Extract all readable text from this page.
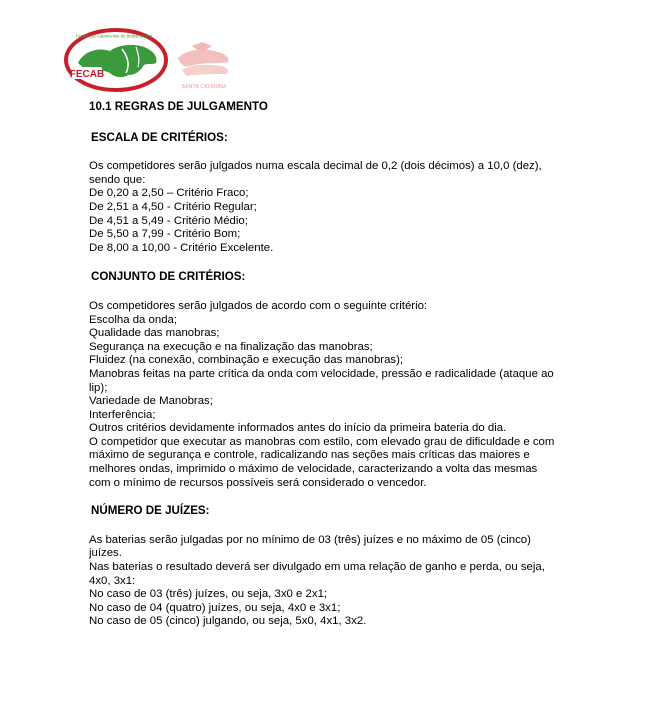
Federação Catarinense de Bodyboarding
FECAB
SANTA CATARINA
10.1 REGRAS DE JULGAMENTO
ESCALA DE CRITÉRIOS:
Os competidores serão julgados numa escala decimal de 0,2 (dois décimos) a 10,0 (dez),
sendo que:
De 0,20 a 2,50 – Critério Fraco;
De 2,51 a 4,50 - Critério Regular;
De 4,51 a 5,49 - Critério Médio;
De 5,50 a 7,99 - Critério Bom;
De 8,00 a 10,00 - Critério Excelente.
CONJUNTO DE CRITÉRIOS:
Os competidores serão julgados de acordo com o seguinte critério:
Escolha da onda;
Qualidade das manobras;
Segurança na execução e na finalização das manobras;
Fluidez (na conexão, combinação e execução das manobras);
Manobras feitas na parte crítica da onda com velocidade, pressão e radicalidade (ataque ao
lip);
Variedade de Manobras;
Interferência;
Outros critérios devidamente informados antes do início da primeira bateria do dia.
O competidor que executar as manobras com estilo, com elevado grau de dificuldade e com
máximo de segurança e controle, radicalizando nas seções mais críticas das maiores e
melhores ondas, imprimido o máximo de velocidade, caracterizando a volta das mesmas
com o mínimo de recursos possíveis será considerado o vencedor.
NÚMERO DE JUÍZES:
As baterias serão julgadas por no mínimo de 03 (três) juízes e no máximo de 05 (cinco)
juízes.
Nas baterias o resultado deverá ser divulgado em uma relação de ganho e perda, ou seja,
4x0, 3x1:
No caso de 03 (três) juízes, ou seja, 3x0 e 2x1;
No caso de 04 (quatro) juízes, ou seja, 4x0 e 3x1;
No caso de 05 (cinco) julgando, ou seja, 5x0, 4x1, 3x2.
